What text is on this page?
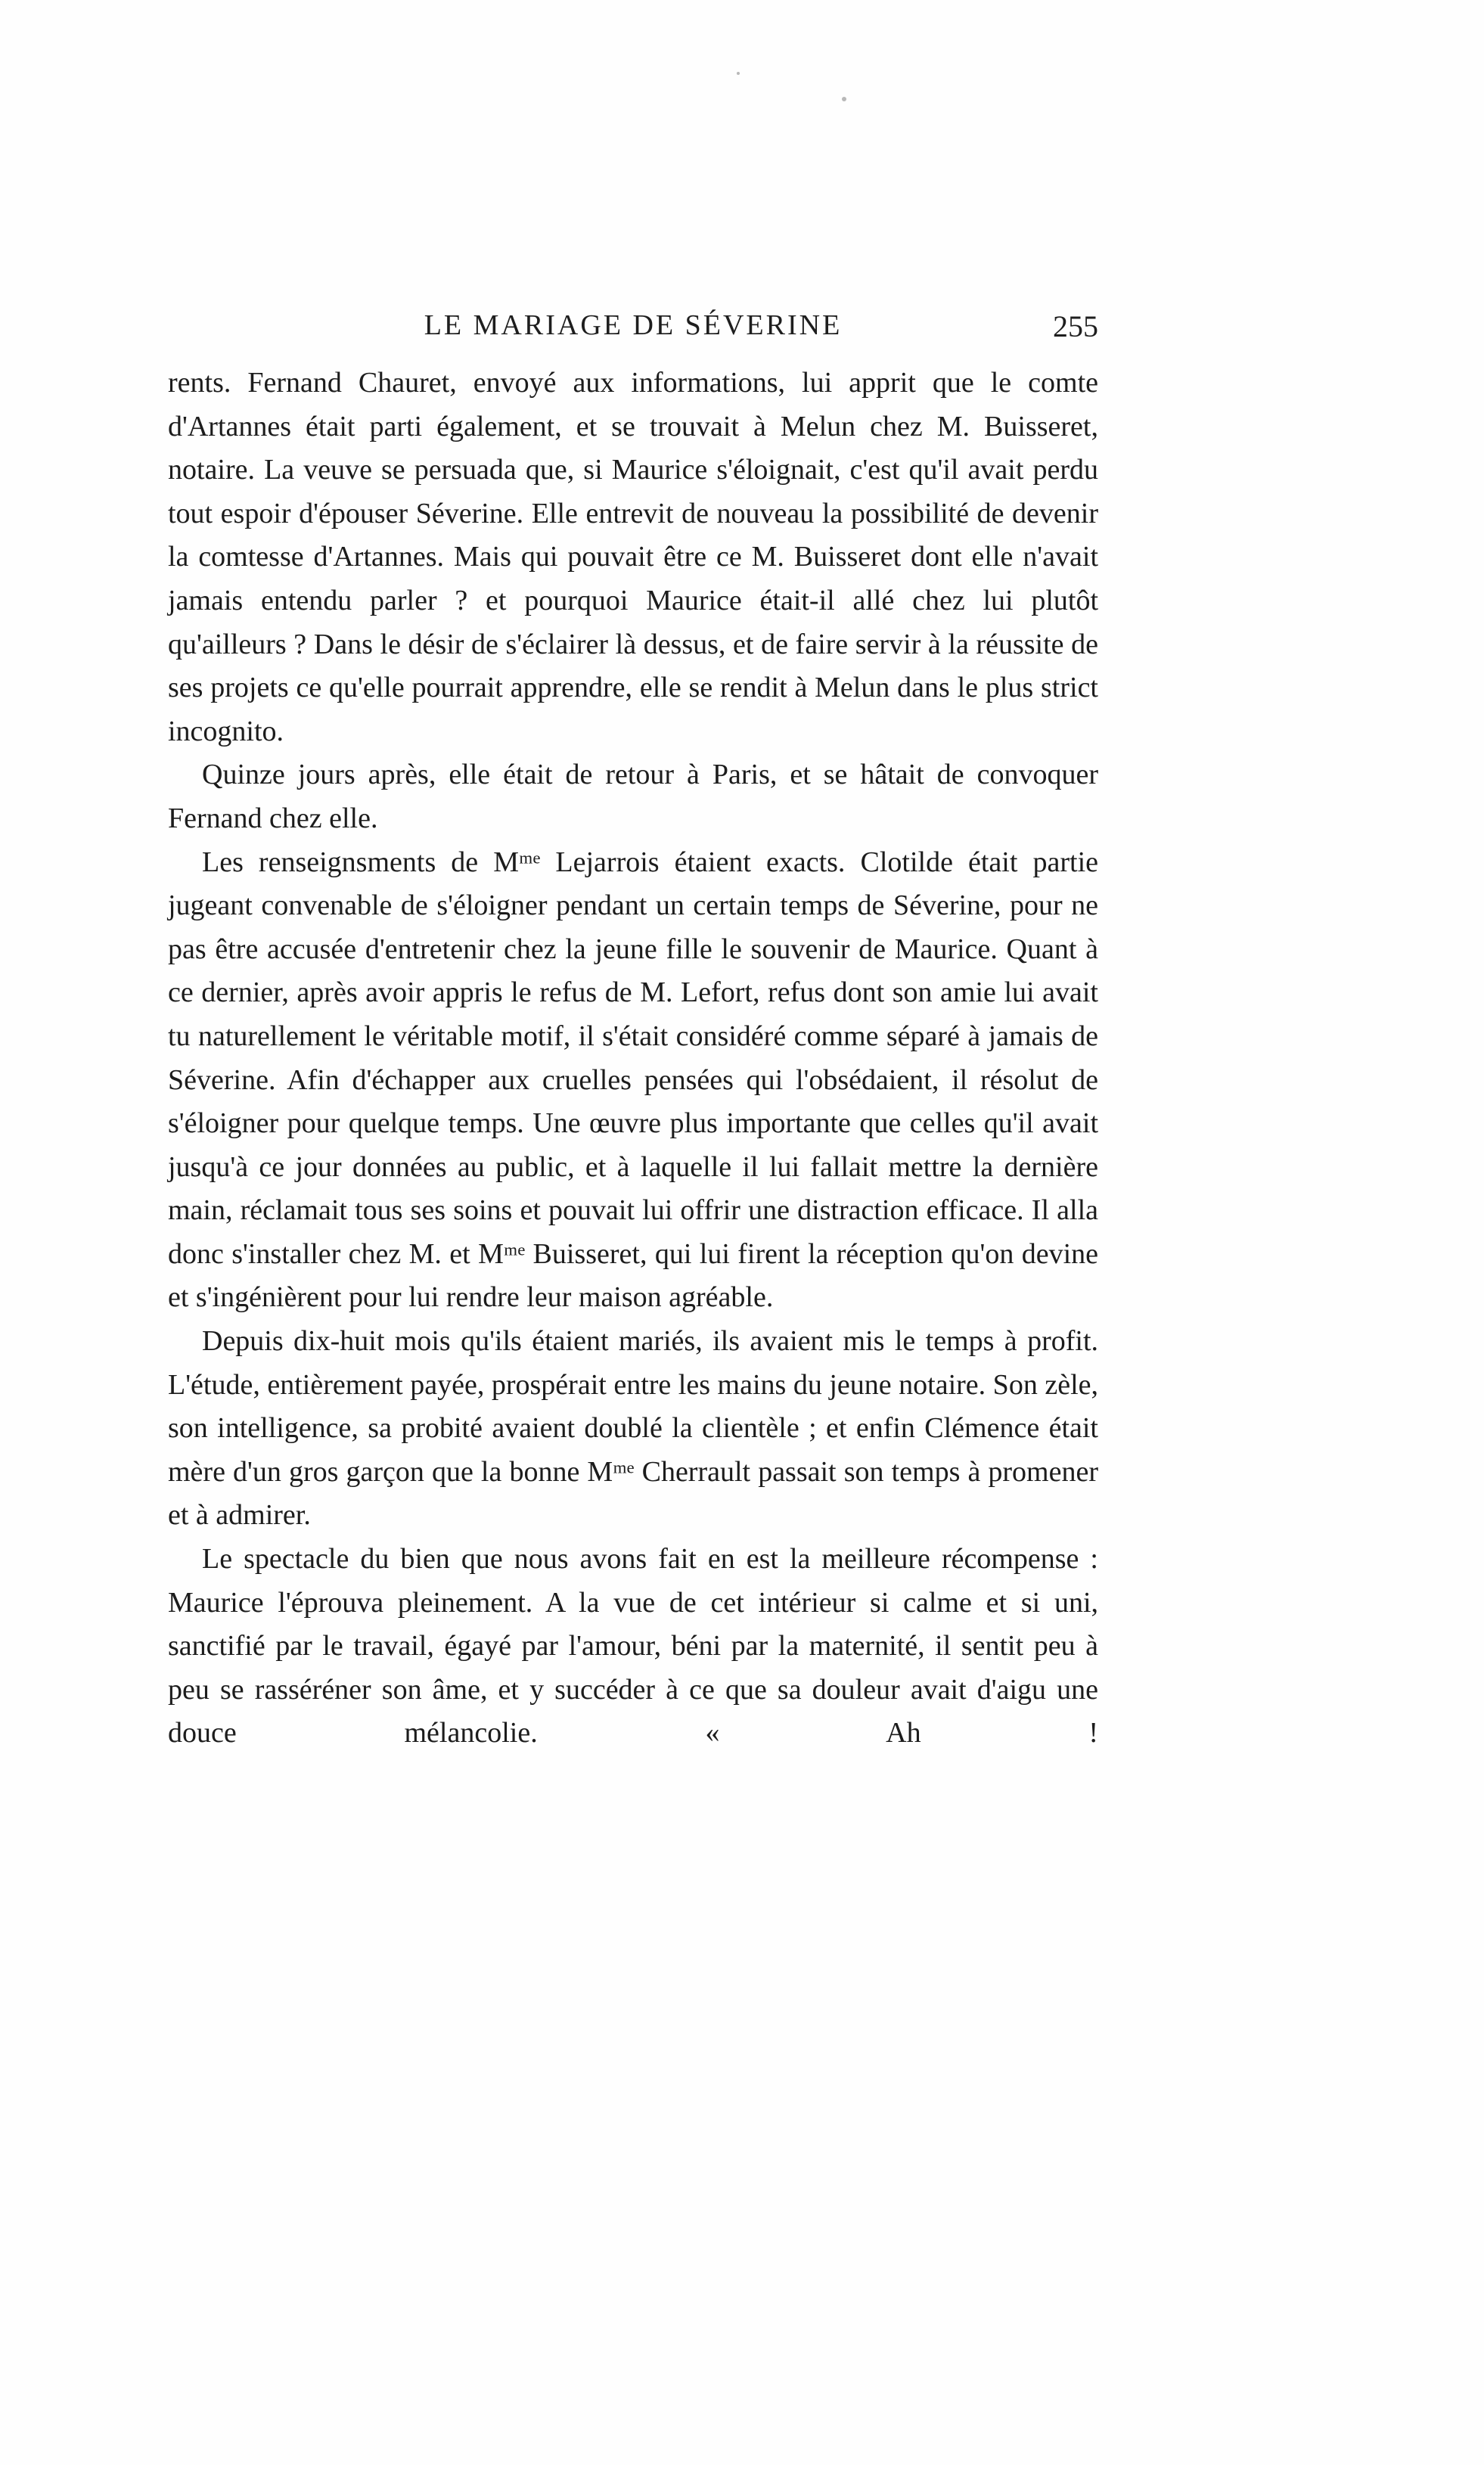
LE MARIAGE DE SÉVERINE	255

rents. Fernand Chauret, envoyé aux informations, lui apprit que le comte d'Artannes était parti également, et se trouvait à Melun chez M. Buisseret, notaire. La veuve se persuada que, si Maurice s'éloignait, c'est qu'il avait perdu tout espoir d'épouser Séverine. Elle entrevit de nouveau la possibilité de devenir la comtesse d'Artannes. Mais qui pouvait être ce M. Buisseret dont elle n'avait jamais entendu parler ? et pourquoi Maurice était-il allé chez lui plutôt qu'ailleurs ? Dans le désir de s'éclairer là dessus, et de faire servir à la réussite de ses projets ce qu'elle pourrait apprendre, elle se rendit à Melun dans le plus strict incognito.

Quinze jours après, elle était de retour à Paris, et se hâtait de convoquer Fernand chez elle.

Les renseignsments de Mᵐᵉ Lejarrois étaient exacts. Clotilde était partie jugeant convenable de s'éloigner pendant un certain temps de Séverine, pour ne pas être accusée d'entretenir chez la jeune fille le souvenir de Maurice. Quant à ce dernier, après avoir appris le refus de M. Lefort, refus dont son amie lui avait tu naturellement le véritable motif, il s'était considéré comme séparé à jamais de Séverine. Afin d'échapper aux cruelles pensées qui l'obsédaient, il résolut de s'éloigner pour quelque temps. Une œuvre plus importante que celles qu'il avait jusqu'à ce jour données au public, et à laquelle il lui fallait mettre la dernière main, réclamait tous ses soins et pouvait lui offrir une distraction efficace. Il alla donc s'installer chez M. et Mᵐᵉ Buisseret, qui lui firent la réception qu'on devine et s'ingénièrent pour lui rendre leur maison agréable.

Depuis dix-huit mois qu'ils étaient mariés, ils avaient mis le temps à profit. L'étude, entièrement payée, prospérait entre les mains du jeune notaire. Son zèle, son intelligence, sa probité avaient doublé la clientèle ; et enfin Clémence était mère d'un gros garçon que la bonne Mᵐᵉ Cherrault passait son temps à promener et à admirer.

Le spectacle du bien que nous avons fait en est la meilleure récompense : Maurice l'éprouva pleinement. A la vue de cet intérieur si calme et si uni, sanctifié par le travail, égayé par l'amour, béni par la maternité, il sentit peu à peu se rasséréner son âme, et y succéder à ce que sa douleur avait d'aigu une douce mélancolie. « Ah !
